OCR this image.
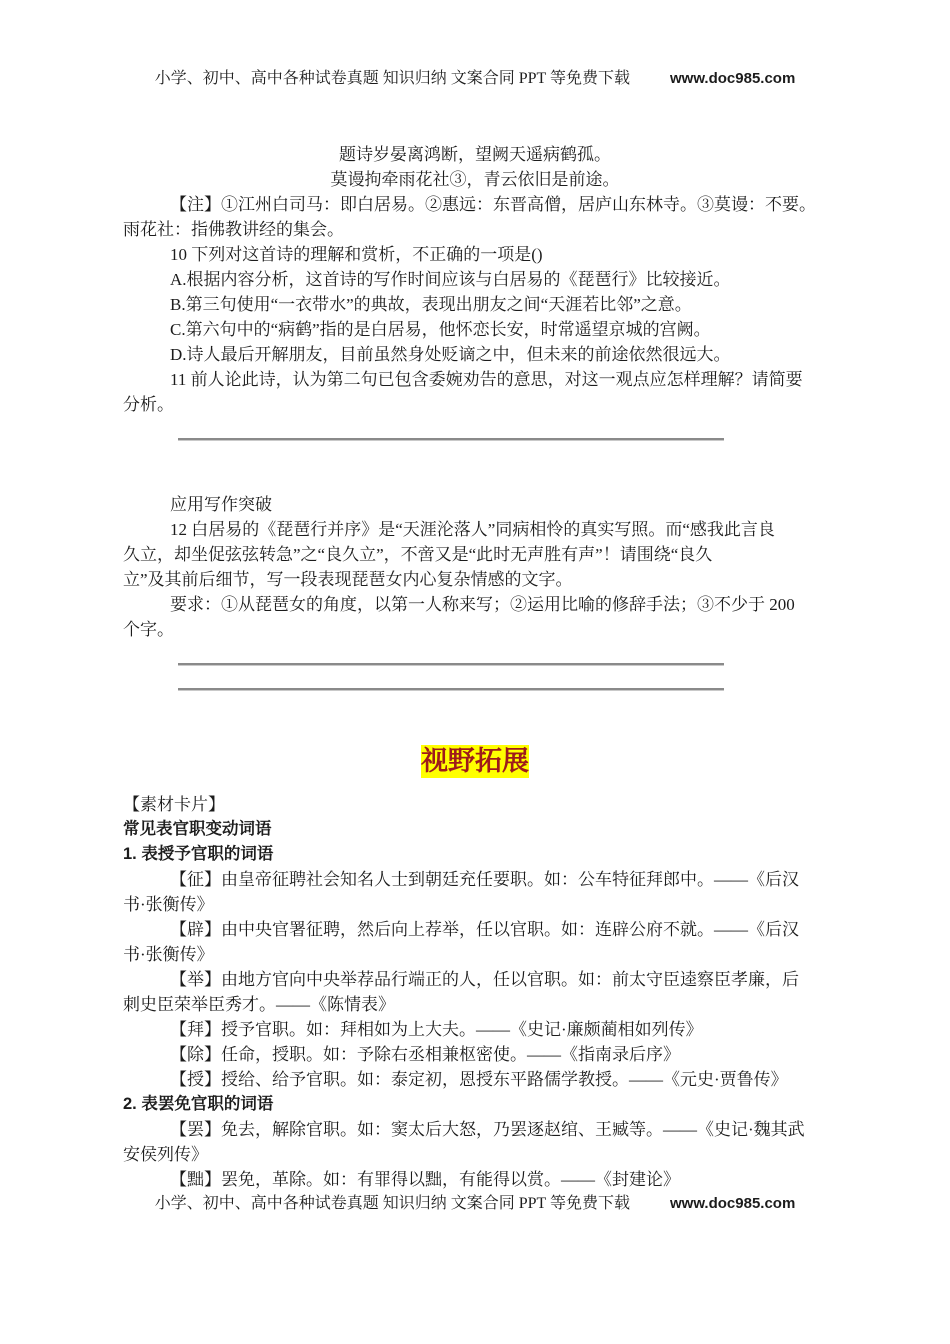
小学、初中、高中各种试卷真题 知识归纳 文案合同 PPT 等免费下载	www.doc985.com
题诗岁晏离鸿断，望阙天遥病鹤孤。
莫谩拘牵雨花社③，青云依旧是前途。
【注】①江州白司马：即白居易。②惠远：东晋高僧，居庐山东林寺。③莫谩：不要。
雨花社：指佛教讲经的集会。
10 下列对这首诗的理解和赏析，不正确的一项是()
A.根据内容分析，这首诗的写作时间应该与白居易的《琵琶行》比较接近。
B.第三句使用“一衣带水”的典故，表现出朋友之间“天涯若比邻”之意。
C.第六句中的“病鹤”指的是白居易，他怀恋长安，时常遥望京城的宫阙。
D.诗人最后开解朋友，目前虽然身处贬谪之中，但未来的前途依然很远大。
11 前人论此诗，认为第二句已包含委婉劝告的意思，对这一观点应怎样理解？请简要
分析。
应用写作突破
12 白居易的《琵琶行并序》是“天涯沦落人”同病相怜的真实写照。而“感我此言良
久立，却坐促弦弦转急”之“良久立”，不啻又是“此时无声胜有声”！请围绕“良久
立”及其前后细节，写一段表现琵琶女内心复杂情感的文字。
要求：①从琵琶女的角度，以第一人称来写；②运用比喻的修辞手法；③不少于 200
个字。
【素材卡片】
常见表官职变动词语
1. 表授予官职的词语
【征】由皇帝征聘社会知名人士到朝廷充任要职。如：公车特征拜郎中。——《后汉
书·张衡传》
【辟】由中央官署征聘，然后向上荐举，任以官职。如：连辟公府不就。——《后汉
书·张衡传》
【举】由地方官向中央举荐品行端正的人，任以官职。如：前太守臣逵察臣孝廉，后
刺史臣荣举臣秀才。——《陈情表》
【拜】授予官职。如：拜相如为上大夫。——《史记·廉颇蔺相如列传》
【除】任命，授职。如：予除右丞相兼枢密使。——《指南录后序》
【授】授给、给予官职。如：泰定初，恩授东平路儒学教授。——《元史·贾鲁传》
2. 表罢免官职的词语
【罢】免去，解除官职。如：窦太后大怒，乃罢逐赵绾、王臧等。——《史记·魏其武
安侯列传》
【黜】罢免，革除。如：有罪得以黜，有能得以赏。——《封建论》
视野拓展
小学、初中、高中各种试卷真题 知识归纳 文案合同 PPT 等免费下载	www.doc985.com
